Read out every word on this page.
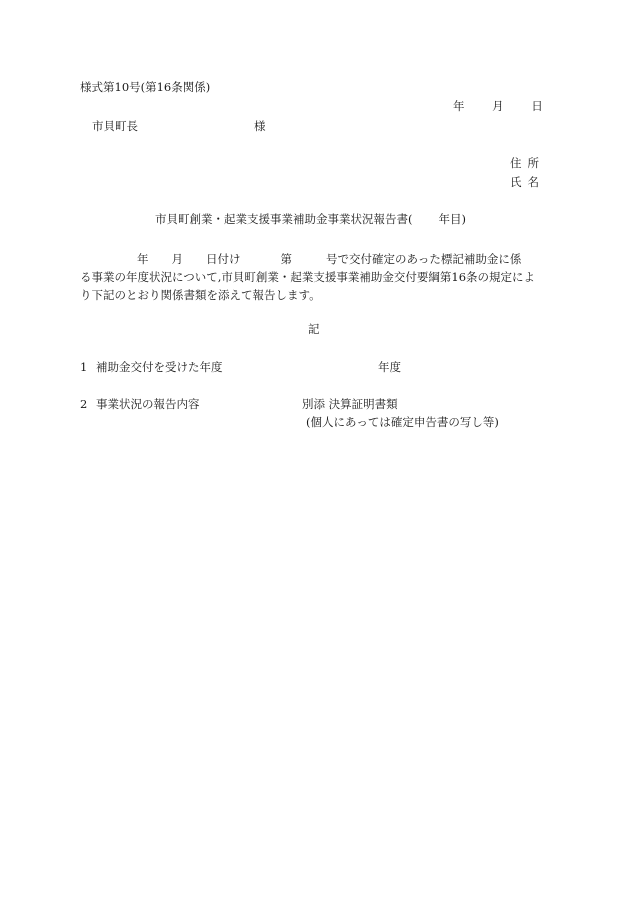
様式第10号(第16条関係)
年 月 日
市貝町長	様
住所
氏名
市貝町創業・起業支援事業補助金事業状況報告書( 年目)
年 月 日付け	第	号で交付確定のあった標記補助金に係
る事業の年度状況について,市貝町創業・起業支援事業補助金交付要綱第16条の規定によ
り下記のとおり関係書類を添えて報告します。
記
1 補助金交付を受けた年度	年度
2 事業状況の報告内容	別添 決算証明書類
(個人にあっては確定申告書の写し等)
